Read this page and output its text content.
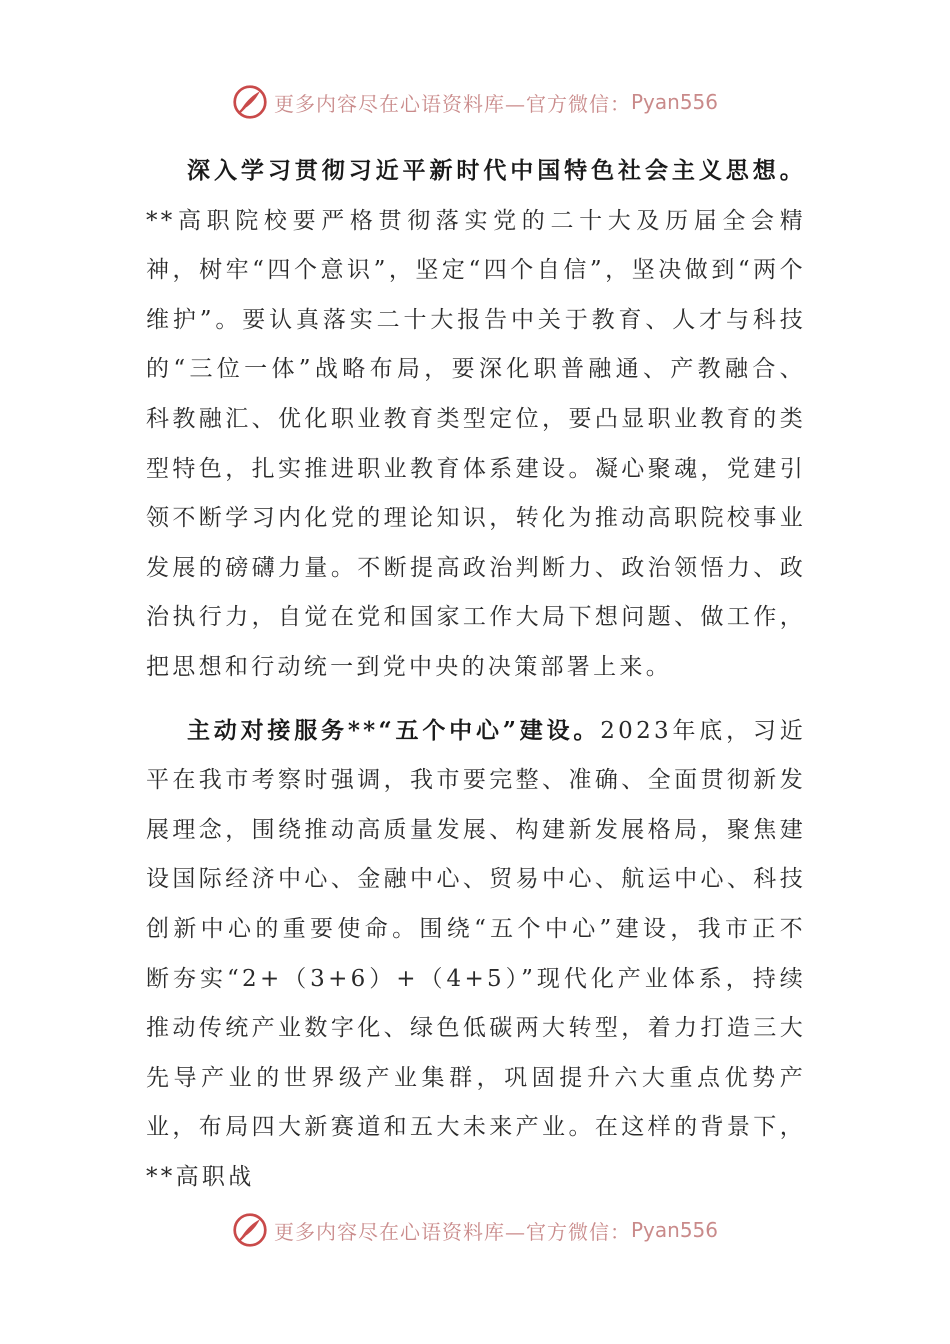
更多内容尽在心语资料库—官方微信： Pyan556

深入学习贯彻习近平新时代中国特色社会主义思想。**高职院校要严格贯彻落实党的二十大及历届全会精神，树牢“四个意识”，坚定“四个自信”，坚决做到“两个维护”。要认真落实二十大报告中关于教育、人才与科技的“三位一体”战略布局，要深化职普融通、产教融合、科教融汇、优化职业教育类型定位，要凸显职业教育的类型特色，扎实推进职业教育体系建设。凝心聚魂，党建引领不断学习内化党的理论知识，转化为推动高职院校事业发展的磅礴力量。不断提高政治判断力、政治领悟力、政治执行力，自觉在党和国家工作大局下想问题、做工作，把思想和行动统一到党中央的决策部署上来。

主动对接服务**“五个中心”建设。2023年底，习近平在我市考察时强调，我市要完整、准确、全面贯彻新发展理念，围绕推动高质量发展、构建新发展格局，聚焦建设国际经济中心、金融中心、贸易中心、航运中心、科技创新中心的重要使命。围绕“五个中心”建设，我市正不断夯实“2+（3+6）+（4+5）”现代化产业体系，持续推动传统产业数字化、绿色低碳两大转型，着力打造三大先导产业的世界级产业集群，巩固提升六大重点优势产业，布局四大新赛道和五大未来产业。在这样的背景下，**高职战

更多内容尽在心语资料库—官方微信： Pyan556
